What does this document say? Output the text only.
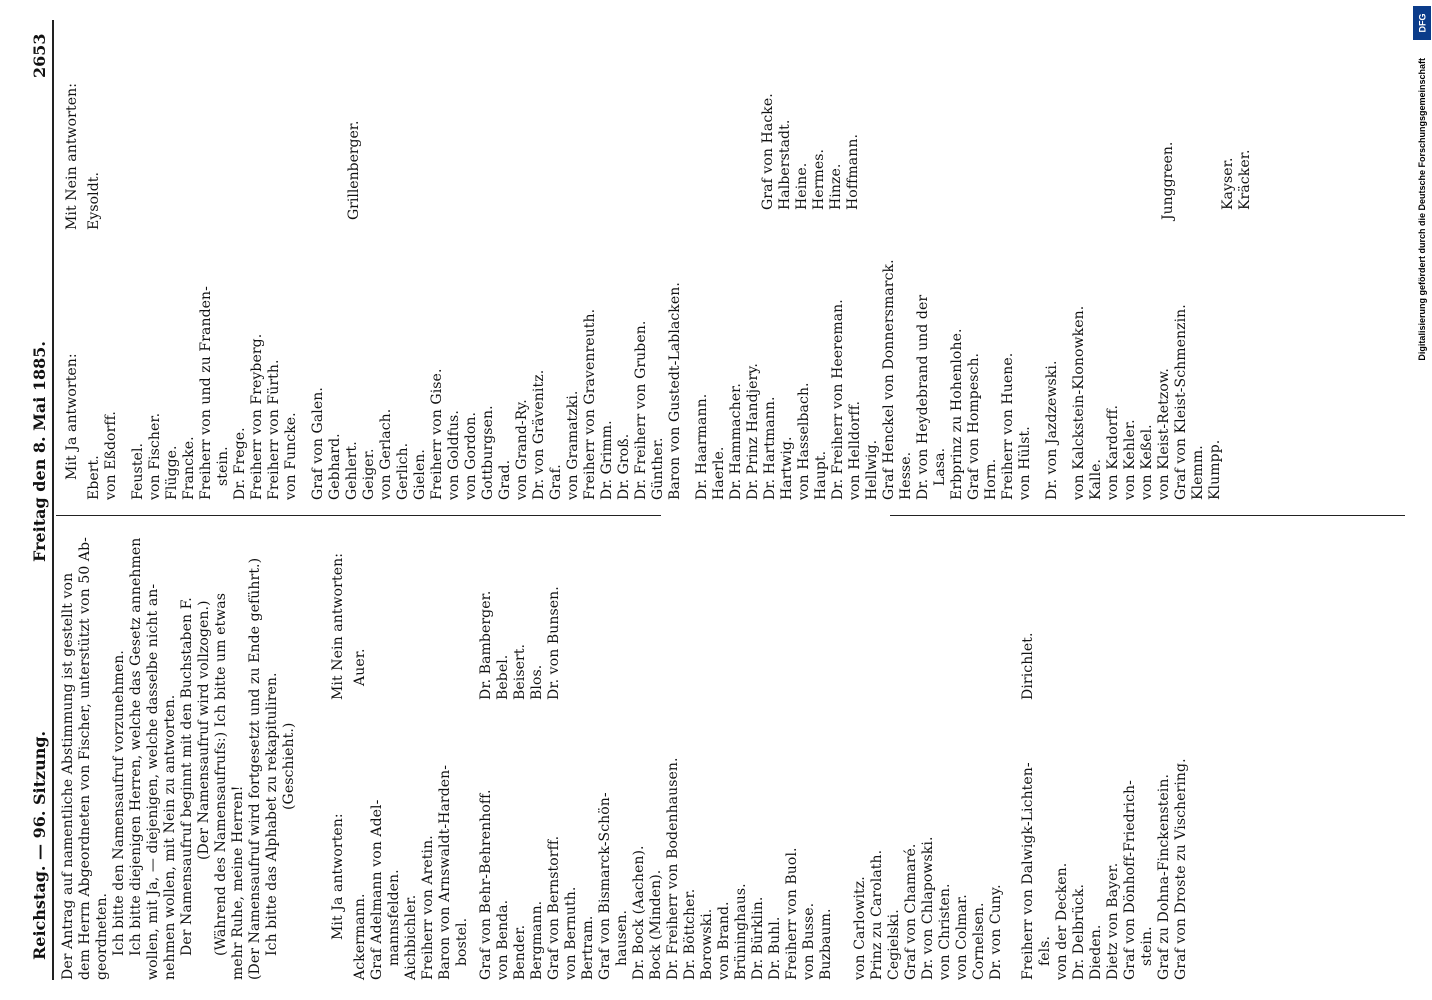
Reichstag. — 96. Sitzung.
Freitag den 8. Mai 1885.
2653
Der Antrag auf namentliche Abstimmung ist gestellt von dem Herrn Abgeordneten von Fischer, unterstützt von 50 Ab- geordneten. Ich bitte den Namensaufruf vorzunehmen. Ich bitte diejenigen Herren, welche das Gesetz annehmen wollen, mit Ja, — diejenigen, welche dasselbe nicht an- nehmen wollen, mit Nein zu antworten. Der Namensaufruf beginnt mit den Buchstaben F. (Der Namensaufruf wird vollzogen.) (Während des Namensaufrufs:) Ich bitte um etwas mehr Ruhe, meine Herren! (Der Namensaufruf wird fortgesetzt und zu Ende geführt.) Ich bitte das Alphabet zu rekapituliren. (Geschieht.)
Mit Ja antworten:
Mit Nein antworten:
Ackermann. Graf Adelmann von Adel- mannsfelden. Aichbichler. Freiherr von Aretin. Baron von Arnswaldt-Harden- bostel.
Auer.
Graf von Behr-Behrenhoff. von Benda. Bender. Bergmann. Graf von Bernstorff. von Bernuth. Bertram. Graf von Bismarck-Schön- hausen. Dr. Bock (Aachen). Bock (Minden). Dr. Freiherr von Bodenhausen. Dr. Böttcher. Borowski. von Brand. Brüninghaus. Dr. Bürklin. Dr. Buhl. Freiherr von Buol. von Busse. Buzbaum.
Dr. Bamberger. Bebel. Beisert. Blos. Dr. von Bunsen.
von Carlowitz. Prinz zu Carolath. Cegielski. Graf von Chamaré. Dr. von Chlapowski. von Christen. von Colmar. Cornelsen. Dr. von Cuny. Freiherr von Dalwigk-Lichten- fels. von der Decken. Dr. Delbrück. Dieden. Dietz von Bayer. Graf von Dönhoff-Friedrich- stein. Graf zu Dohna-Finckenstein. Graf von Droste zu Vischering.
Dirichlet.
Mit Ja antworten: Ebert. von Eßdorff. Feustel. von Fischer. Flügge. Francke. Freiherr von und zu Franden- stein. Dr. Frege. Freiherr von Freyberg. Freiherr von Fürth. von Funcke. Graf von Galen. Gebhard. Gehlert. Geiger. von Gerlach. Gerlich. Gielen. Freiherr von Gise. von Goldfus. von Gordon. Gottburgsen. Grad. von Grand-Ry. Dr. von Grävenitz. Graf. von Gramatzki. Freiherr von Gravenreuth. Dr. Grimm. Dr. Groß. Dr. Freiherr von Gruben. Günther. Baron von Gustedt-Lablacken. Dr. Haarmann. Haerle. Dr. Hammacher. Dr. Prinz Handjery. Dr. Hartmann. Hartwig. von Hasselbach. Haupt. Dr. Freiherr von Heereman. von Helldorff. Hellwig. Graf Henckel von Donnersmarck. Hesse. Dr. von Heydebrand und der Lasa. Erbprinz zu Hohenlohe. Graf von Hompesch. Horn. Freiherr von Huene. von Hülst. Dr. von Jazdzewski. von Kalckstein-Klonowken. Kalle. von Kardorff. von Kehler. von Keßel. von Kleist-Retzow. Graf von Kleist-Schmenzin. Klemm. Klumpp.
Grillenberger.	Graf von Hacke. Halberstadt. Heine. Hermes. Hinze. Hoffmann.	Junggreen.	Kayser. Kräcker.
Mit Nein antworten: Eysoldt.	Digitalisierung gefördert durch die Deutsche Forschungsgemeinschaft
DFG
